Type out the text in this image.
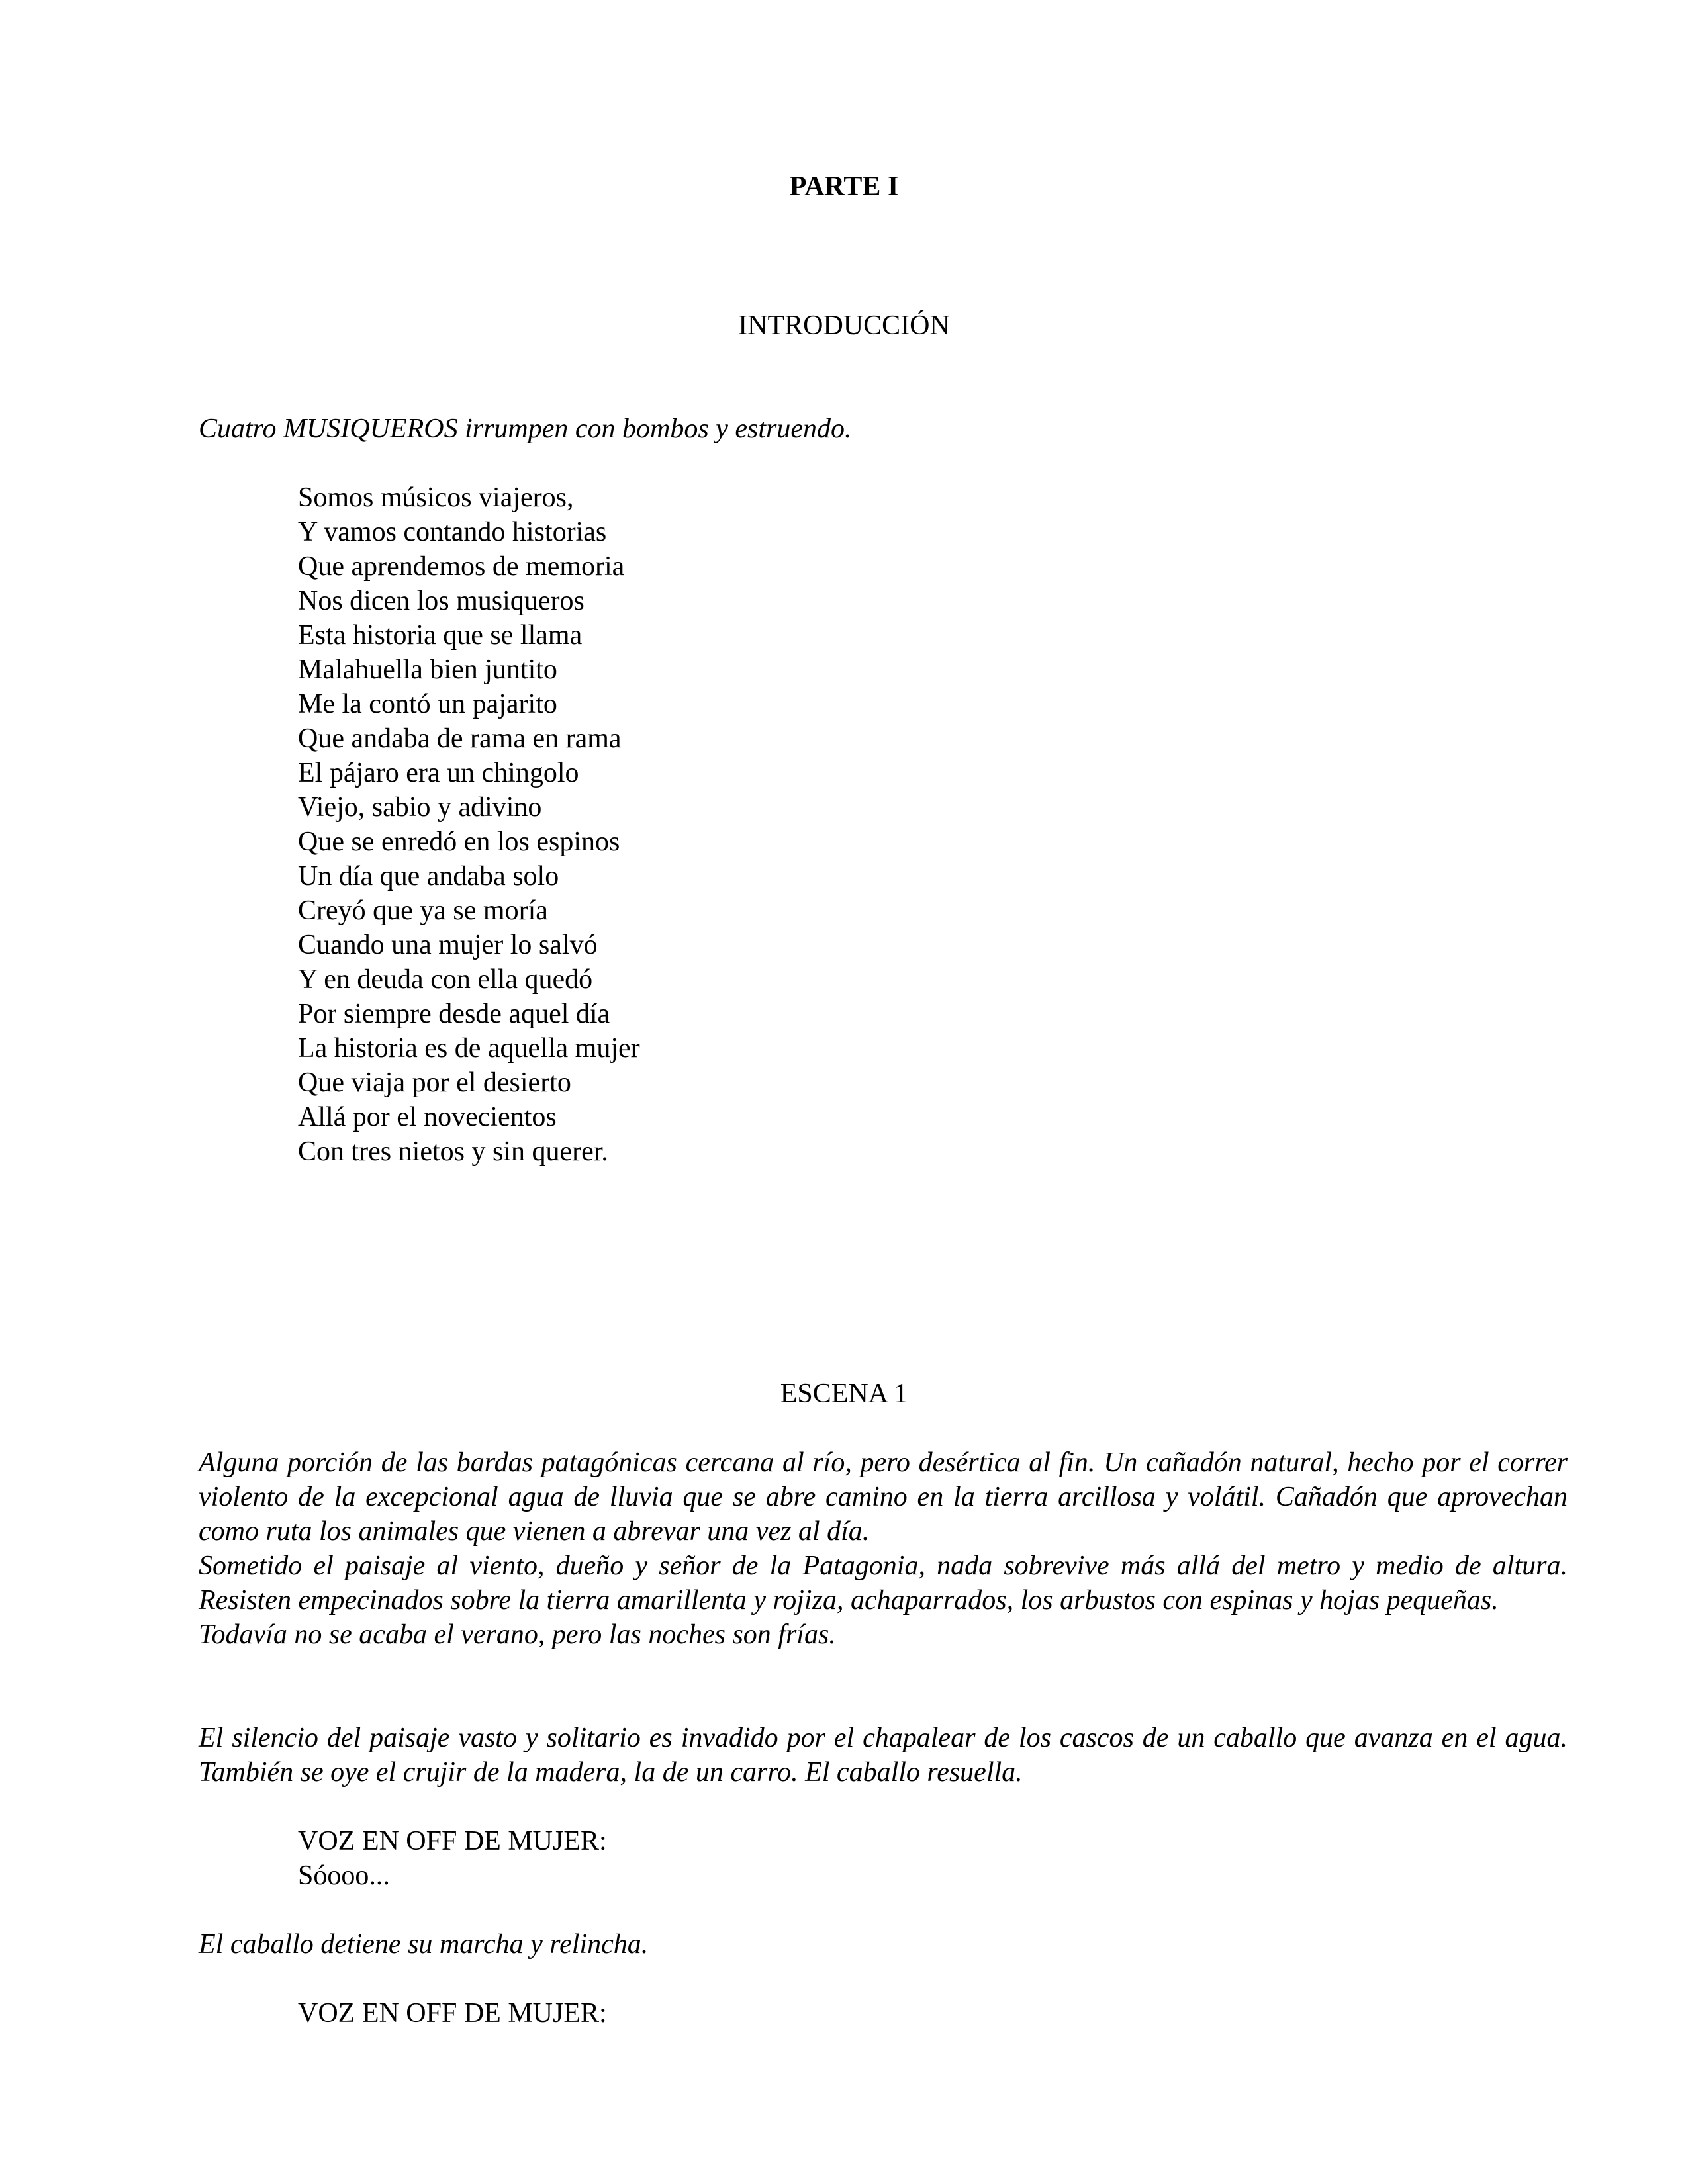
PARTE I
INTRODUCCIÓN

Cuatro MUSIQUEROS irrumpen con bombos y estruendo.

Somos músicos viajeros,
Y vamos contando historias
Que aprendemos de memoria
Nos dicen los musiqueros

Esta historia que se llama
Malahuella bien juntito
Me la contó un pajarito
Que andaba de rama en rama

El pájaro era un chingolo
Viejo, sabio y adivino
Que se enredó en los espinos
Un día que andaba solo

Creyó que ya se moría
Cuando una mujer lo salvó
Y en deuda con ella quedó
Por siempre desde aquel día

La historia es de aquella mujer
Que viaja por el desierto
Allá por el novecientos
Con tres nietos y sin querer.

ESCENA 1

Alguna porción de las bardas patagónicas cercana al río, pero desértica al fin. Un cañadón natural, hecho por el correr violento de la excepcional agua de lluvia que se abre camino en la tierra arcillosa y volátil. Cañadón que aprovechan como ruta los animales que vienen a abrevar una vez al día.

Sometido el paisaje al viento, dueño y señor de la Patagonia, nada sobrevive más allá del metro y medio de altura. Resisten empecinados sobre la tierra amarillenta y rojiza, achaparrados, los arbustos con espinas y hojas pequeñas.

Todavía no se acaba el verano, pero las noches son frías.

El silencio del paisaje vasto y solitario es invadido por el chapalear de los cascos de un caballo que avanza en el agua. También se oye el crujir de la madera, la de un carro. El caballo resuella.

VOZ EN OFF DE MUJER:
Sóooo...

El caballo detiene su marcha y relincha.

VOZ EN OFF DE MUJER:
